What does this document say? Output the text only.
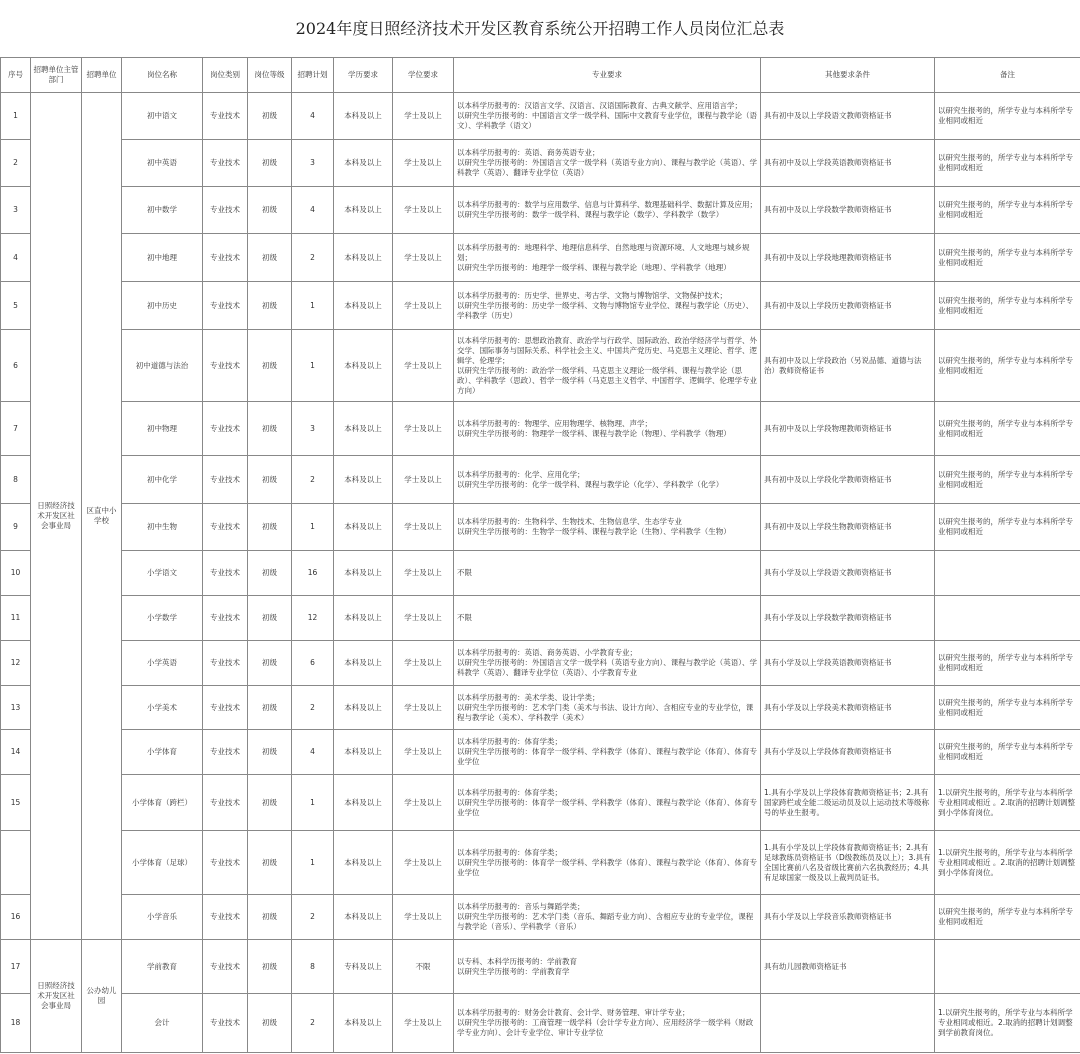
2024年度日照经济技术开发区教育系统公开招聘工作人员岗位汇总表
序号	招聘单位主管部门	招聘单位	岗位名称	岗位类别	岗位等级	招聘计划	学历要求	学位要求	专业要求	其他要求条件	备注
1	日照经济技术开发区社会事业局	区直中小学校	初中语文	专业技术	初级	4	本科及以上	学士及以上	以本科学历报考的：汉语言文学、汉语言、汉语国际教育、古典文献学、应用语言学；
以研究生学历报考的：中国语言文学一级学科、国际中文教育专业学位，课程与教学论（语文）、学科教学（语文）	具有初中及以上学段语文教师资格证书	以研究生报考的，所学专业与本科所学专业相同或相近
2			初中英语	专业技术	初级	3	本科及以上	学士及以上	以本科学历报考的：英语、商务英语专业；
以研究生学历报考的：外国语言文学一级学科（英语专业方向）、课程与教学论（英语）、学科教学（英语）、翻译专业学位（英语）	具有初中及以上学段英语教师资格证书	以研究生报考的，所学专业与本科所学专业相同或相近
3			初中数学	专业技术	初级	4	本科及以上	学士及以上	以本科学历报考的：数学与应用数学、信息与计算科学、数理基础科学、数据计算及应用；
以研究生学历报考的：数学一级学科、课程与教学论（数学）、学科教学（数学）	具有初中及以上学段数学教师资格证书	以研究生报考的，所学专业与本科所学专业相同或相近
4			初中地理	专业技术	初级	2	本科及以上	学士及以上	以本科学历报考的：地理科学、地理信息科学、自然地理与资源环境、人文地理与城乡规划；
以研究生学历报考的：地理学一级学科、课程与教学论（地理）、学科教学（地理）	具有初中及以上学段地理教师资格证书	以研究生报考的，所学专业与本科所学专业相同或相近
5			初中历史	专业技术	初级	1	本科及以上	学士及以上	以本科学历报考的：历史学、世界史、考古学、文物与博物馆学、文物保护技术；
以研究生学历报考的：历史学一级学科、文物与博物馆专业学位、课程与教学论（历史）、学科教学（历史）	具有初中及以上学段历史教师资格证书	以研究生报考的，所学专业与本科所学专业相同或相近
6			初中道德与法治	专业技术	初级	1	本科及以上	学士及以上	以本科学历报考的：思想政治教育、政治学与行政学、国际政治、政治学经济学与哲学、外交学、国际事务与国际关系、科学社会主义、中国共产党历史、马克思主义理论、哲学、逻辑学、伦理学；
以研究生学历报考的：政治学一级学科、马克思主义理论一级学科、课程与教学论（思政）、学科教学（思政）、哲学一级学科（马克思主义哲学、中国哲学、逻辑学、伦理学专业方向）	具有初中及以上学段政治（另说品德、道德与法治）教师资格证书	以研究生报考的，所学专业与本科所学专业相同或相近
7			初中物理	专业技术	初级	3	本科及以上	学士及以上	以本科学历报考的：物理学、应用物理学、核物理、声学；
以研究生学历报考的：物理学一级学科、课程与教学论（物理）、学科教学（物理）	具有初中及以上学段物理教师资格证书	以研究生报考的，所学专业与本科所学专业相同或相近
8			初中化学	专业技术	初级	2	本科及以上	学士及以上	以本科学历报考的：化学、应用化学；
以研究生学历报考的：化学一级学科、课程与教学论（化学）、学科教学（化学）	具有初中及以上学段化学教师资格证书	以研究生报考的，所学专业与本科所学专业相同或相近
9			初中生物	专业技术	初级	1	本科及以上	学士及以上	以本科学历报考的：生物科学、生物技术、生物信息学、生态学专业
以研究生学历报考的：生物学一级学科、课程与教学论（生物）、学科教学（生物）	具有初中及以上学段生物教师资格证书	以研究生报考的，所学专业与本科所学专业相同或相近
10			小学语文	专业技术	初级	16	本科及以上	学士及以上	不限	具有小学及以上学段语文教师资格证书	
11			小学数学	专业技术	初级	12	本科及以上	学士及以上	不限	具有小学及以上学段数学教师资格证书	
12			小学英语	专业技术	初级	6	本科及以上	学士及以上	以本科学历报考的：英语、商务英语、小学教育专业；
以研究生学历报考的：外国语言文学一级学科（英语专业方向）、课程与教学论（英语）、学科教学（英语）、翻译专业学位（英语）、小学教育专业	具有小学及以上学段英语教师资格证书	以研究生报考的，所学专业与本科所学专业相同或相近
13			小学美术	专业技术	初级	2	本科及以上	学士及以上	以本科学历报考的：美术学类、设计学类；
以研究生学历报考的：艺术学门类（美术与书法、设计方向）、含相应专业的专业学位，课程与教学论（美术）、学科教学（美术）	具有小学及以上学段美术教师资格证书	以研究生报考的，所学专业与本科所学专业相同或相近
14			小学体育	专业技术	初级	4	本科及以上	学士及以上	以本科学历报考的：体育学类；
以研究生学历报考的：体育学一级学科、学科教学（体育）、课程与教学论（体育）、体育专业学位	具有小学及以上学段体育教师资格证书	以研究生报考的，所学专业与本科所学专业相同或相近
15			小学体育（跨栏）	专业技术	初级	1	本科及以上	学士及以上	以本科学历报考的：体育学类；
以研究生学历报考的：体育学一级学科、学科教学（体育）、课程与教学论（体育）、体育专业学位	1.具有小学及以上学段体育教师资格证书；2.具有国家跨栏或全能二级运动员及以上运动技术等级称号的毕业生报考。	1.以研究生报考的，所学专业与本科所学专业相同或相近 。2.取消的招聘计划调整到小学体育岗位。
			小学体育（足球）	专业技术	初级	1	本科及以上	学士及以上	以本科学历报考的：体育学类；
以研究生学历报考的：体育学一级学科、学科教学（体育）、课程与教学论（体育）、体育专业学位	1.具有小学及以上学段体育教师资格证书；2.具有足球教练员资格证书（D级教练员及以上）；3.具有全国比赛前八名及省级比赛前六名执教经历；4.具有足球国家一级及以上裁判员证书。	1.以研究生报考的，所学专业与本科所学专业相同或相近 。2.取消的招聘计划调整到小学体育岗位。
16			小学音乐	专业技术	初级	2	本科及以上	学士及以上	以本科学历报考的：音乐与舞蹈学类；
以研究生学历报考的：艺术学门类（音乐、舞蹈专业方向）、含相应专业的专业学位，课程与教学论（音乐）、学科教学（音乐）	具有小学及以上学段音乐教师资格证书	以研究生报考的，所学专业与本科所学专业相同或相近
17	日照经济技术开发区社会事业局	公办幼儿园	学前教育	专业技术	初级	8	专科及以上	不限	以专科、本科学历报考的：学前教育
以研究生学历报考的：学前教育学	具有幼儿园教师资格证书	
18			会计	专业技术	初级	2	本科及以上	学士及以上	以本科学历报考的：财务会计教育、会计学、财务管理、审计学专业；
以研究生学历报考的：工商管理一级学科（会计学专业方向）、应用经济学一级学科（财政学专业方向）、会计专业学位、审计专业学位		1.以研究生报考的，所学专业与本科所学专业相同或相近。2.取消的招聘计划调整到学前教育岗位。
